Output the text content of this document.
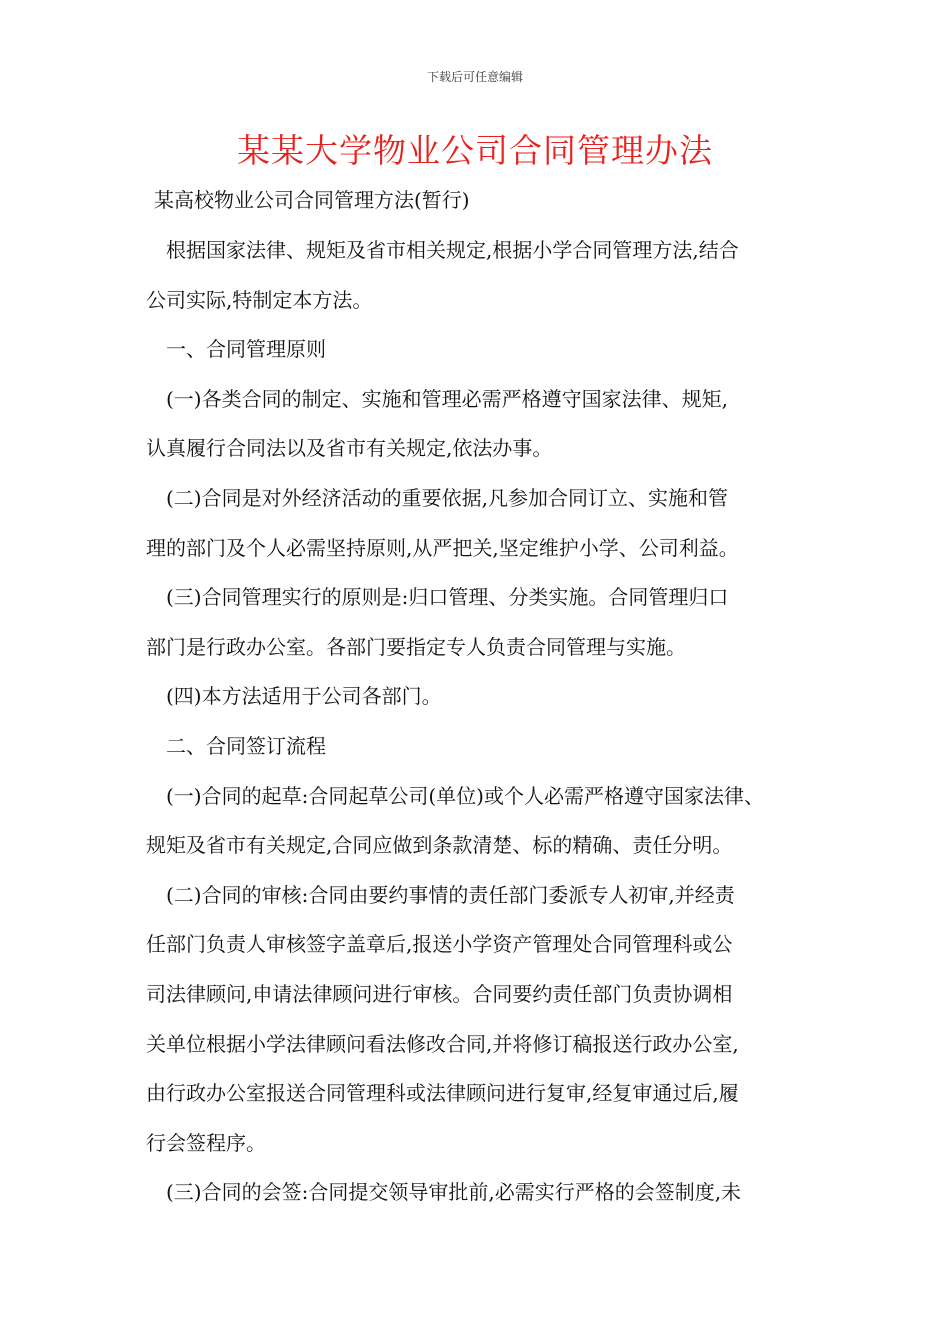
下载后可任意编辑
某某大学物业公司合同管理办法
某高校物业公司合同管理方法(暂行)

根据国家法律、规矩及省市相关规定,根据小学合同管理方法,结合
公司实际,特制定本方法。

一、合同管理原则

(一)各类合同的制定、实施和管理必需严格遵守国家法律、规矩,
认真履行合同法以及省市有关规定,依法办事。

(二)合同是对外经济活动的重要依据,凡参加合同订立、实施和管
理的部门及个人必需坚持原则,从严把关,坚定维护小学、公司利益。

(三)合同管理实行的原则是:归口管理、分类实施。合同管理归口
部门是行政办公室。各部门要指定专人负责合同管理与实施。

(四)本方法适用于公司各部门。

二、合同签订流程

(一)合同的起草:合同起草公司(单位)或个人必需严格遵守国家法律、
规矩及省市有关规定,合同应做到条款清楚、标的精确、责任分明。

(二)合同的审核:合同由要约事情的责任部门委派专人初审,并经责
任部门负责人审核签字盖章后,报送小学资产管理处合同管理科或公
司法律顾问,申请法律顾问进行审核。合同要约责任部门负责协调相
关单位根据小学法律顾问看法修改合同,并将修订稿报送行政办公室,
由行政办公室报送合同管理科或法律顾问进行复审,经复审通过后,履
行会签程序。

(三)合同的会签:合同提交领导审批前,必需实行严格的会签制度,未
